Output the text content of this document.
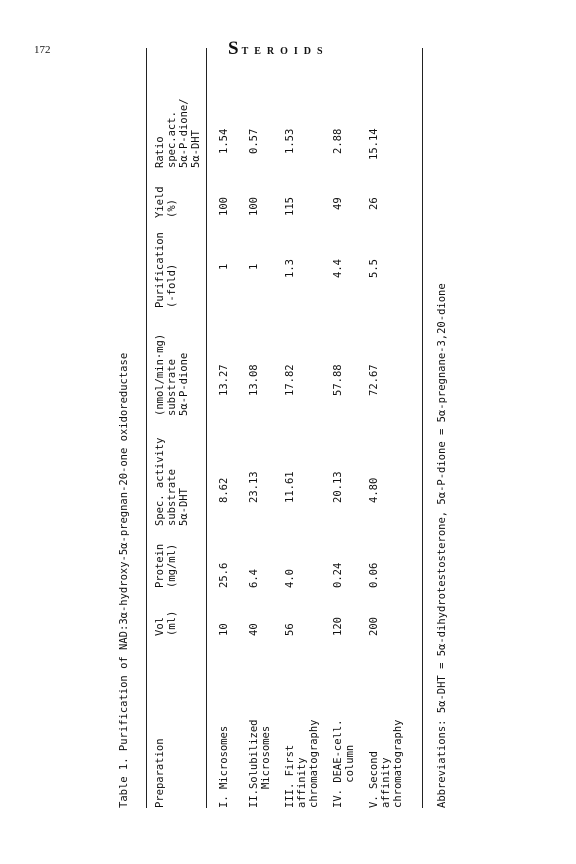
172	STEROIDS
Table 1. Purification of NAD:3α-hydroxy-5α-pregnan-20-one oxidoreductase Preparation
Vol
(ml)
Protein
(mg/ml)
Spec. activity
substrate
5α-DHT
(nmol/min·mg)
substrate
5α-P-dione
Purification
(-fold)
Yield
(%)
Ratio
spec.act.
5α-P-dione/
5α-DHT
I. Microsomes
10
25.6
8.62
13.27
1
100
1.54
II.Solubilized
Microsomes
40
6.4
23.13
13.08
1
100
0.57
III. First
affinity
chromatography
56
4.0
11.61
17.82
1.3
115
1.53
IV. DEAE-cell.
column
120
0.24
20.13
57.88
4.4
49
2.88
V. Second
affinity
chromatography
200
0.06
4.80
72.67
5.5
26
15.14
Abbreviations: 5α-DHT = 5α-dihydrotestosterone, 5α-P-dione = 5α-pregnane-3,20-dione
